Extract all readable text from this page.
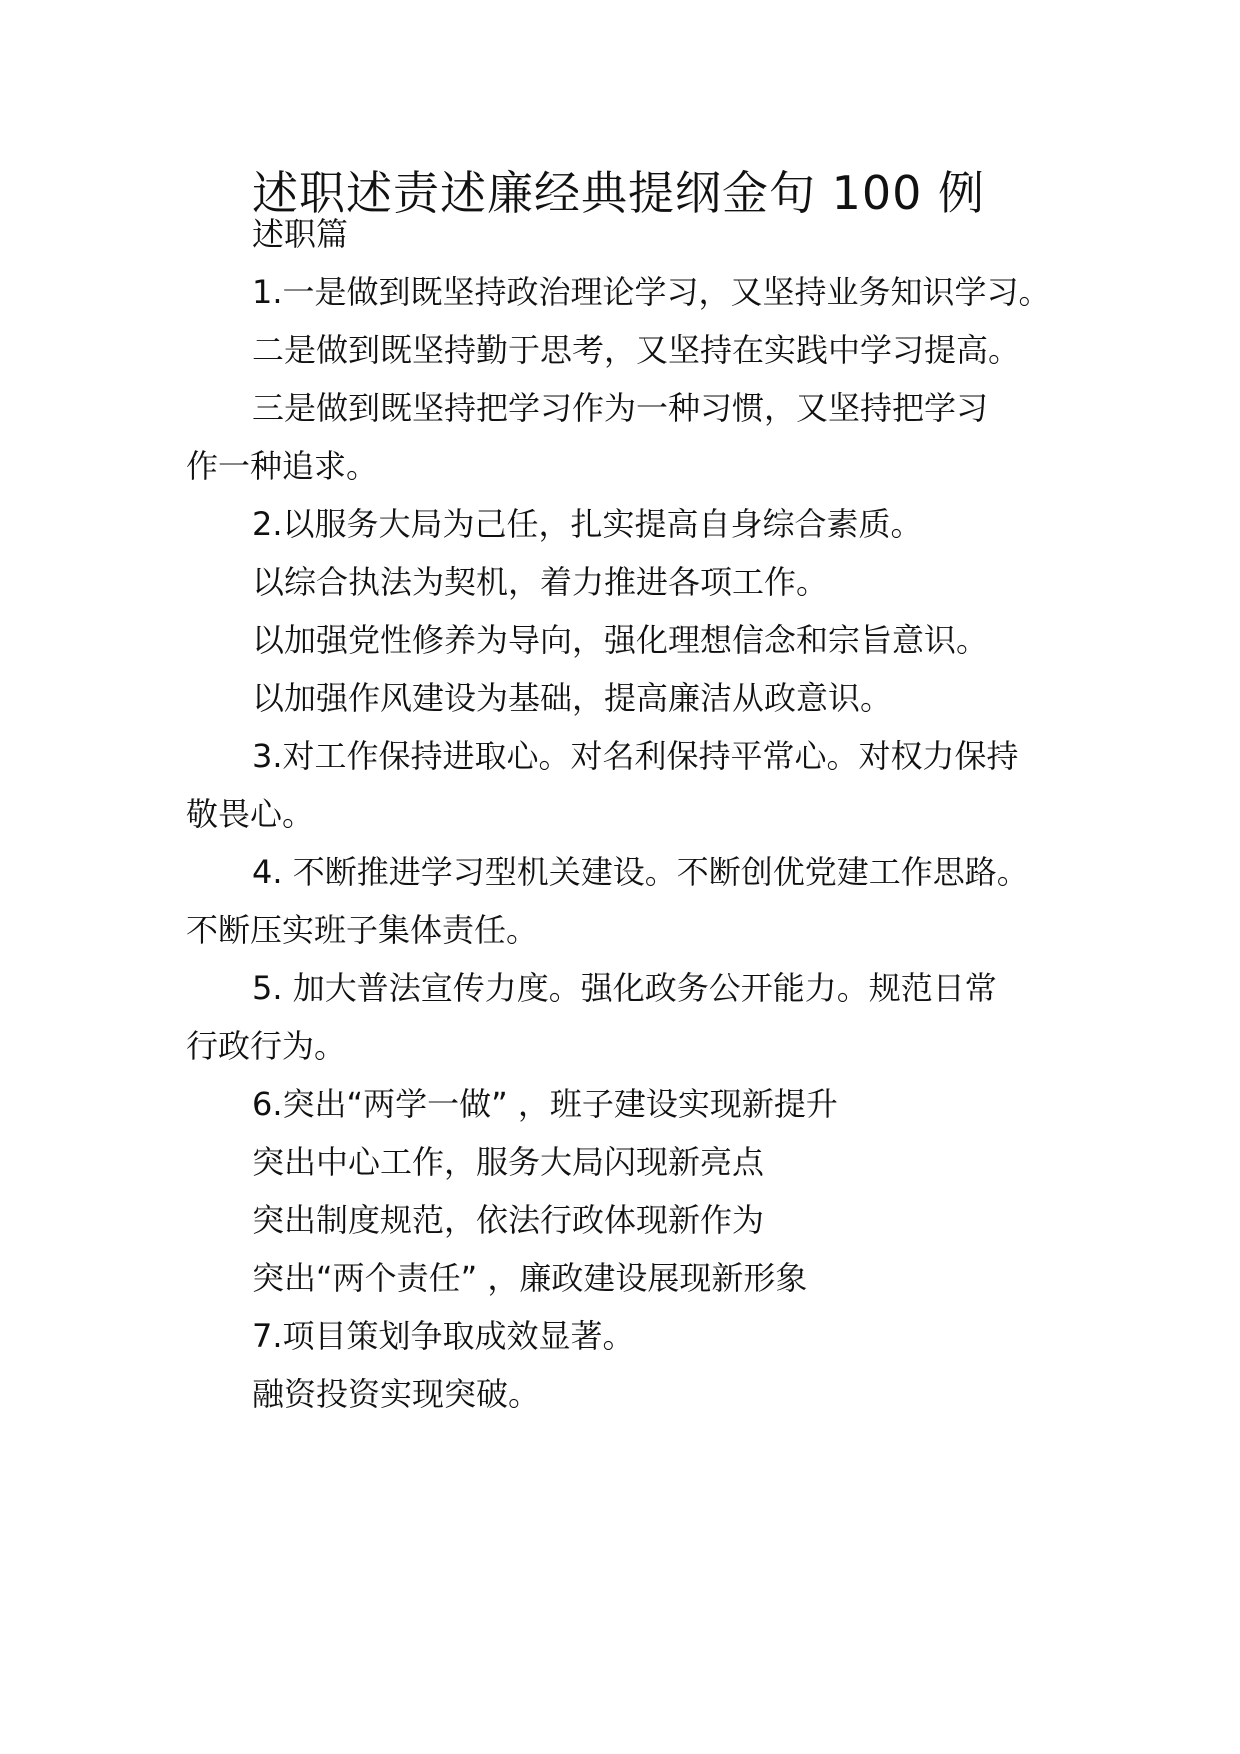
述职述责述廉经典提纲金句 100 例
述职篇
1.一是做到既坚持政治理论学习，又坚持业务知识学习。
二是做到既坚持勤于思考，又坚持在实践中学习提高。
三是做到既坚持把学习作为一种习惯，又坚持把学习
作一种追求。
2.以服务大局为己任，扎实提高自身综合素质。
以综合执法为契机，着力推进各项工作。
以加强党性修养为导向，强化理想信念和宗旨意识。
以加强作风建设为基础，提高廉洁从政意识。
3.对工作保持进取心。对名利保持平常心。对权力保持
敬畏心。
4. 不断推进学习型机关建设。不断创优党建工作思路。
不断压实班子集体责任。
5. 加大普法宣传力度。强化政务公开能力。规范日常
行政行为。
6.突出“两学一做” ，班子建设实现新提升
突出中心工作，服务大局闪现新亮点
突出制度规范，依法行政体现新作为
突出“两个责任” ，廉政建设展现新形象
7.项目策划争取成效显著。
融资投资实现突破。
